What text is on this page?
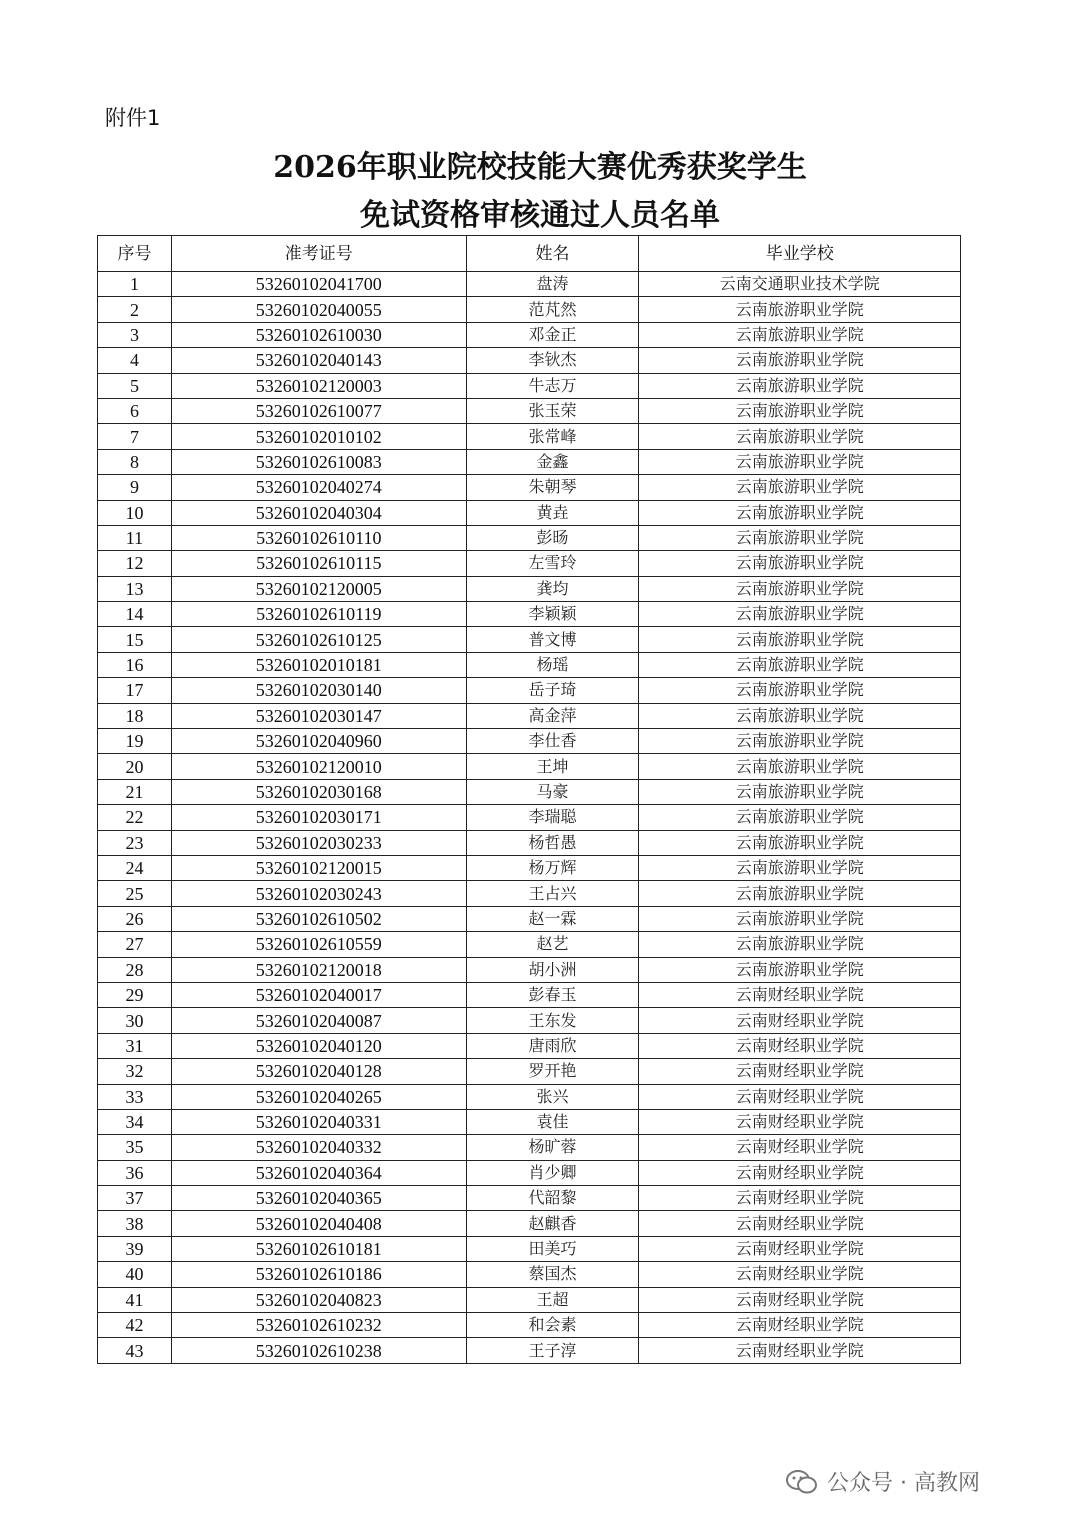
附件1
2026年职业院校技能大赛优秀获奖学生
免试资格审核通过人员名单
序号	准考证号	姓名	毕业学校
1	53260102041700	盘涛	云南交通职业技术学院
2	53260102040055	范芃然	云南旅游职业学院
3	53260102610030	邓金正	云南旅游职业学院
4	53260102040143	李钬杰	云南旅游职业学院
5	53260102120003	牛志万	云南旅游职业学院
6	53260102610077	张玉荣	云南旅游职业学院
7	53260102010102	张常峰	云南旅游职业学院
8	53260102610083	金鑫	云南旅游职业学院
9	53260102040274	朱朝琴	云南旅游职业学院
10	53260102040304	黄垚	云南旅游职业学院
11	53260102610110	彭旸	云南旅游职业学院
12	53260102610115	左雪玲	云南旅游职业学院
13	53260102120005	龚均	云南旅游职业学院
14	53260102610119	李颖颖	云南旅游职业学院
15	53260102610125	普文博	云南旅游职业学院
16	53260102010181	杨瑶	云南旅游职业学院
17	53260102030140	岳子琦	云南旅游职业学院
18	53260102030147	高金萍	云南旅游职业学院
19	53260102040960	李仕香	云南旅游职业学院
20	53260102120010	王坤	云南旅游职业学院
21	53260102030168	马豪	云南旅游职业学院
22	53260102030171	李瑞聪	云南旅游职业学院
23	53260102030233	杨哲愚	云南旅游职业学院
24	53260102120015	杨万辉	云南旅游职业学院
25	53260102030243	王占兴	云南旅游职业学院
26	53260102610502	赵一霖	云南旅游职业学院
27	53260102610559	赵艺	云南旅游职业学院
28	53260102120018	胡小洲	云南旅游职业学院
29	53260102040017	彭春玉	云南财经职业学院
30	53260102040087	王东发	云南财经职业学院
31	53260102040120	唐雨欣	云南财经职业学院
32	53260102040128	罗开艳	云南财经职业学院
33	53260102040265	张兴	云南财经职业学院
34	53260102040331	袁佳	云南财经职业学院
35	53260102040332	杨旷蓉	云南财经职业学院
36	53260102040364	肖少卿	云南财经职业学院
37	53260102040365	代韶黎	云南财经职业学院
38	53260102040408	赵麒香	云南财经职业学院
39	53260102610181	田美巧	云南财经职业学院
40	53260102610186	蔡国杰	云南财经职业学院
41	53260102040823	王超	云南财经职业学院
42	53260102610232	和会素	云南财经职业学院
43	53260102610238	王子淳	云南财经职业学院
公众号 · 高教网
